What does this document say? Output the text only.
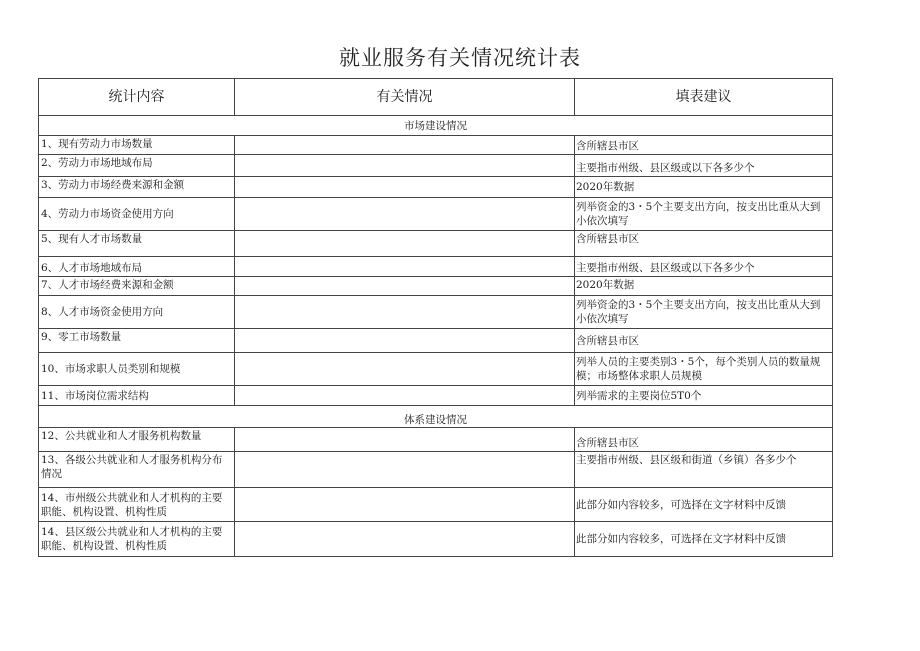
就业服务有关情况统计表
统计内容	有关情况	填表建议
市场建设情况		
1、现有劳动力市场数量		含所辖县市区
2、劳动力市场地域布局		主要指市州级、县区级或以下各多少个
3、劳动力市场经费来源和金额		2020年数据
4、劳动力市场资金使用方向		列举资金的3・5个主要支出方向，按支出比重从大到小依次填写
5、现有人才市场数量		含所辖县市区
6、人才市场地域布局		主要指市州级、县区级或以下各多少个
7、人才市场经费来源和金额		2020年数据
8、人才市场资金使用方向		列举资金的3・5个主要支出方向，按支出比重从大到小依次填写
9、零工市场数量		含所辖县市区
10、市场求职人员类别和规模		列举人员的主要类别3・5个，每个类别人员的数量规模；市场整体求职人员规模
11、市场岗位需求结构		列举需求的主要岗位5T0个
体系建设情况		
12、公共就业和人才服务机构数量		含所辖县市区
13、各级公共就业和人才服务机构分布情况		主要指市州级、县区级和街道（乡镇）各多少个
14、市州级公共就业和人才机构的主要职能、机构设置、机构性质		此部分如内容较多，可选择在文字材料中反馈
14、县区级公共就业和人才机构的主要职能、机构设置、机构性质		此部分如内容较多，可选择在文字材料中反馈
